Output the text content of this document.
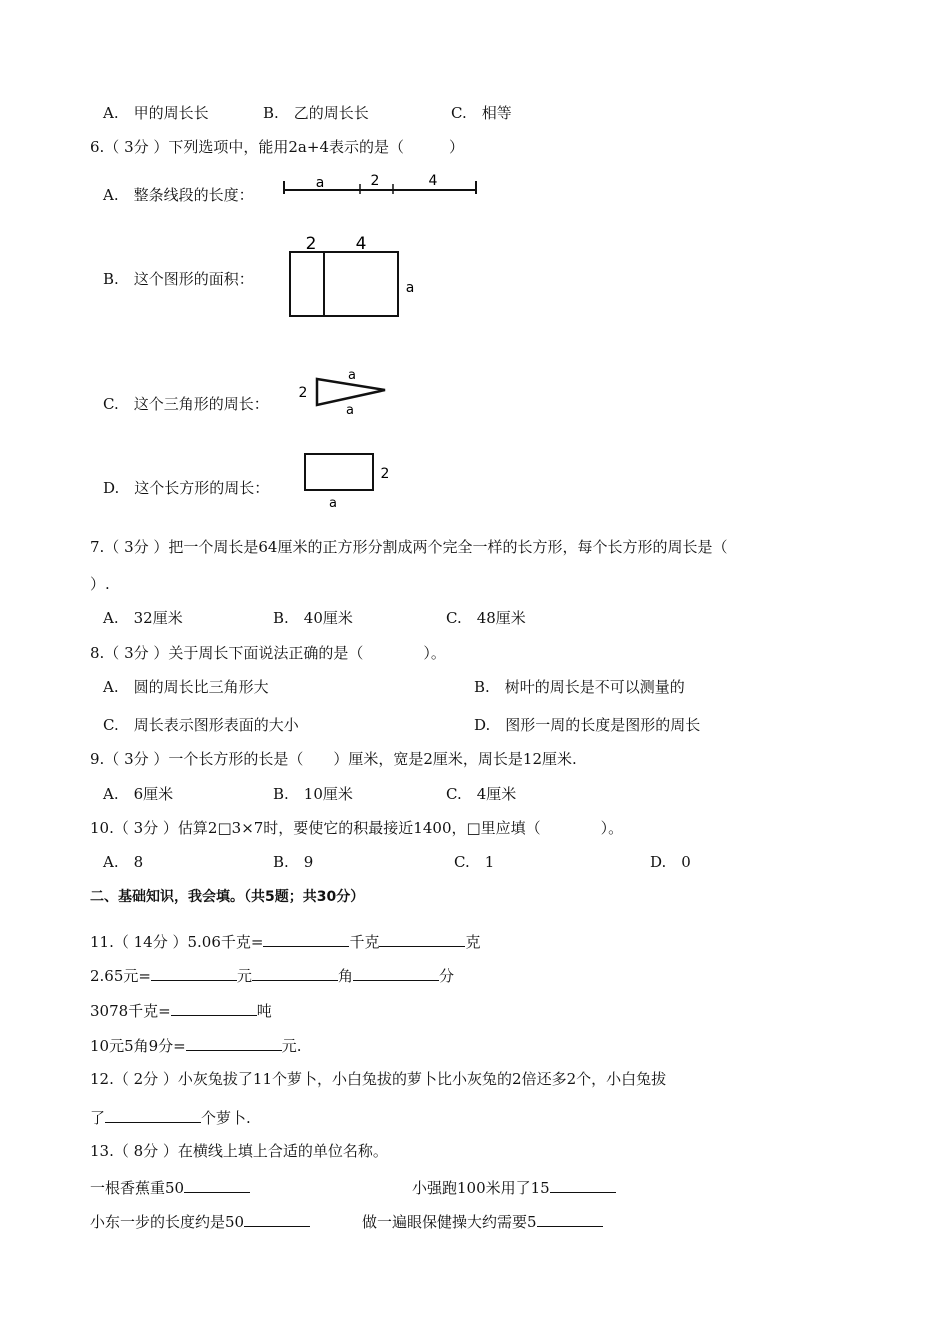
A.　甲的周长长	B.　乙的周长长	C.　相等
6.（ 3分 ）下列选项中，能用2a+4表示的是（　　　）
A.　整条线段的长度：
a	2	4
B.　这个图形的面积：
2 4
a
C.　这个三角形的周长：
2
a
a
D.　这个长方形的周长：
2
a
7.（ 3分 ）把一个周长是64厘米的正方形分割成两个完全一样的长方形，每个长方形的周长是（
）.
A.　32厘米	B.　40厘米	C.　48厘米
8.（ 3分 ）关于周长下面说法正确的是（　　　　）。
A.　圆的周长比三角形大	B.　树叶的周长是不可以测量的
C.　周长表示图形表面的大小	D.　图形一周的长度是图形的周长
9.（ 3分 ）一个长方形的长是（　　）厘米，宽是2厘米，周长是12厘米.
A.　6厘米	B.　10厘米	C.　4厘米
10.（ 3分 ）估算2□3×7时，要使它的积最接近1400，□里应填（　　　　）。
A.　8	B.　9	C.　1	D.　0
二、基础知识，我会填。（共5题；共30分）
11.（ 14分 ）5.06千克=	千克	克
2.65元=	元	角	分
3078千克=	吨
10元5角9分=	元.
12.（ 2分 ）小灰兔拔了11个萝卜，小白兔拔的萝卜比小灰兔的2倍还多2个，小白兔拔
了	个萝卜.
13.（ 8分 ）在横线上填上合适的单位名称。
一根香蕉重50	小强跑100米用了15
小东一步的长度约是50	做一遍眼保健操大约需要5
